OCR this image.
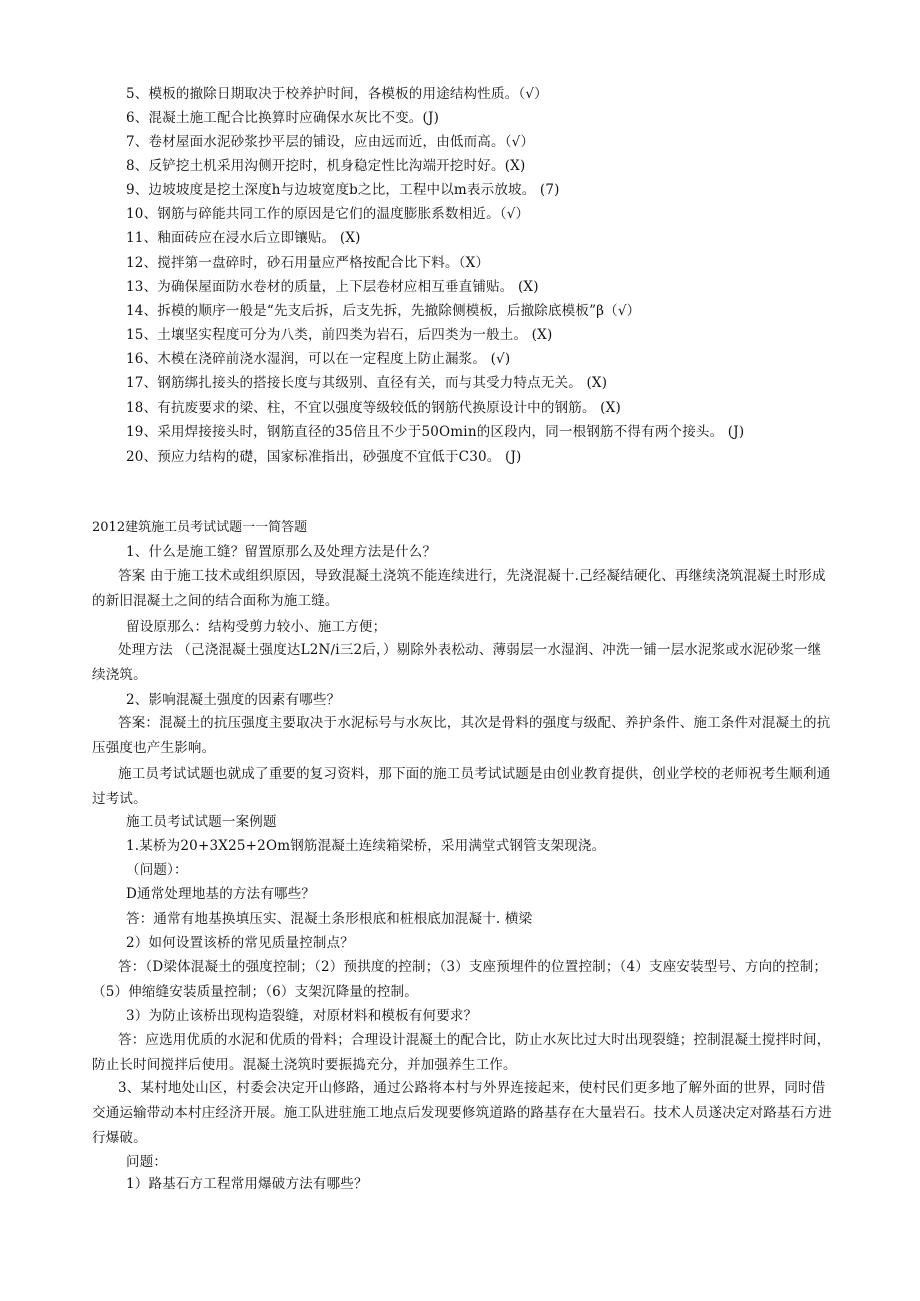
5、模板的撤除日期取决于校养护时间，各模板的用途结构性质。（√）
6、混凝土施工配合比换算时应确保水灰比不变。(J)
7、卷材屋面水泥砂浆抄平层的铺设，应由远而近，由低而高。（√）
8、反铲挖土机采用沟侧开挖时，机身稳定性比沟端开挖时好。(X)
9、边坡坡度是挖土深度h与边坡宽度b之比，工程中以m表示放坡。 (7)
10、钢筋与碎能共同工作的原因是它们的温度膨胀系数相近。（√）
11、釉面砖应在浸水后立即镶贴。 (X)
12、搅拌第一盘碎时，砂石用量应严格按配合比下料。（X）
13、为确保屋面防水卷材的质量，上下层卷材应相互垂直铺贴。 (X)
14、拆模的顺序一般是“先支后拆，后支先拆，先撤除侧模板，后撤除底模板”β（√）
15、土壤坚实程度可分为八类，前四类为岩石，后四类为一般土。 (X)
16、木模在浇碎前浇水湿润，可以在一定程度上防止漏浆。 (√)
17、钢筋绑扎接头的搭接长度与其级别、直径有关，而与其受力特点无关。 (X)
18、有抗废要求的梁、柱，不宜以强度等级较低的钢筋代换原设计中的钢筋。 (X)
19、采用焊接接头时，钢筋直径的35倍且不少于50Omin的区段内，同一根钢筋不得有两个接头。 (J)
20、预应力结构的礎，国家标准指出，砂强度不宜低于C30。 (J)
2012建筑施工员考试试题一一简答题
1、什么是施工缝？留置原那么及处理方法是什么？
答案 由于施工技术或组织原因，导致混凝土浇筑不能连续进行，先浇混凝十.己经凝结硬化、再继续浇筑混凝土时形成的新旧混凝土之间的结合面称为施工缝。
留设原那么：结构受剪力较小、施工方便；
处理方法 （己浇混凝土强度达L2N∕i三2后，）剔除外表松动、薄弱层一水湿润、冲洗一铺一层水泥浆或水泥砂浆一继续浇筑。
2、影响混凝土强度的因素有哪些？
答案：混凝土的抗压强度主要取决于水泥标号与水灰比，其次是骨料的强度与级配、养护条件、施工条件对混凝土的抗压强度也产生影响。
施工员考试试题也就成了重要的复习资料，那下面的施工员考试试题是由创业教育提供，创业学校的老师祝考生顺利通过考试。
施工员考试试题一案例题
1.某桥为20+3X25+2Om钢筋混凝土连续箱梁桥，采用满堂式钢管支架现浇。
（问题）：
D通常处理地基的方法有哪些？
答：通常有地基换填压实、混凝土条形根底和桩根底加混凝十. 横梁
2）如何设置该桥的常见质量控制点？
答：（D梁体混凝土的强度控制；（2）预拱度的控制；（3）支座预埋件的位置控制；（4）支座安装型号、方向的控制；（5）伸缩缝安装质量控制；（6）支架沉降量的控制。
3）为防止该桥出现构造裂缝，对原材料和模板有何要求？
答：应选用优质的水泥和优质的骨料；合理设计混凝土的配合比，防止水灰比过大时出现裂缝；控制混凝土搅拌时间，防止长时间搅拌后使用。混凝土浇筑时要振捣充分，并加强养生工作。
3、某村地处山区，村委会决定开山修路，通过公路将本村与外界连接起来，使村民们更多地了解外面的世界，同时借交通运输带动本村庄经济开展。施工队进驻施工地点后发现要修筑道路的路基存在大量岩石。技术人员遂决定对路基石方进行爆破。
问题：
1）路基石方工程常用爆破方法有哪些？
